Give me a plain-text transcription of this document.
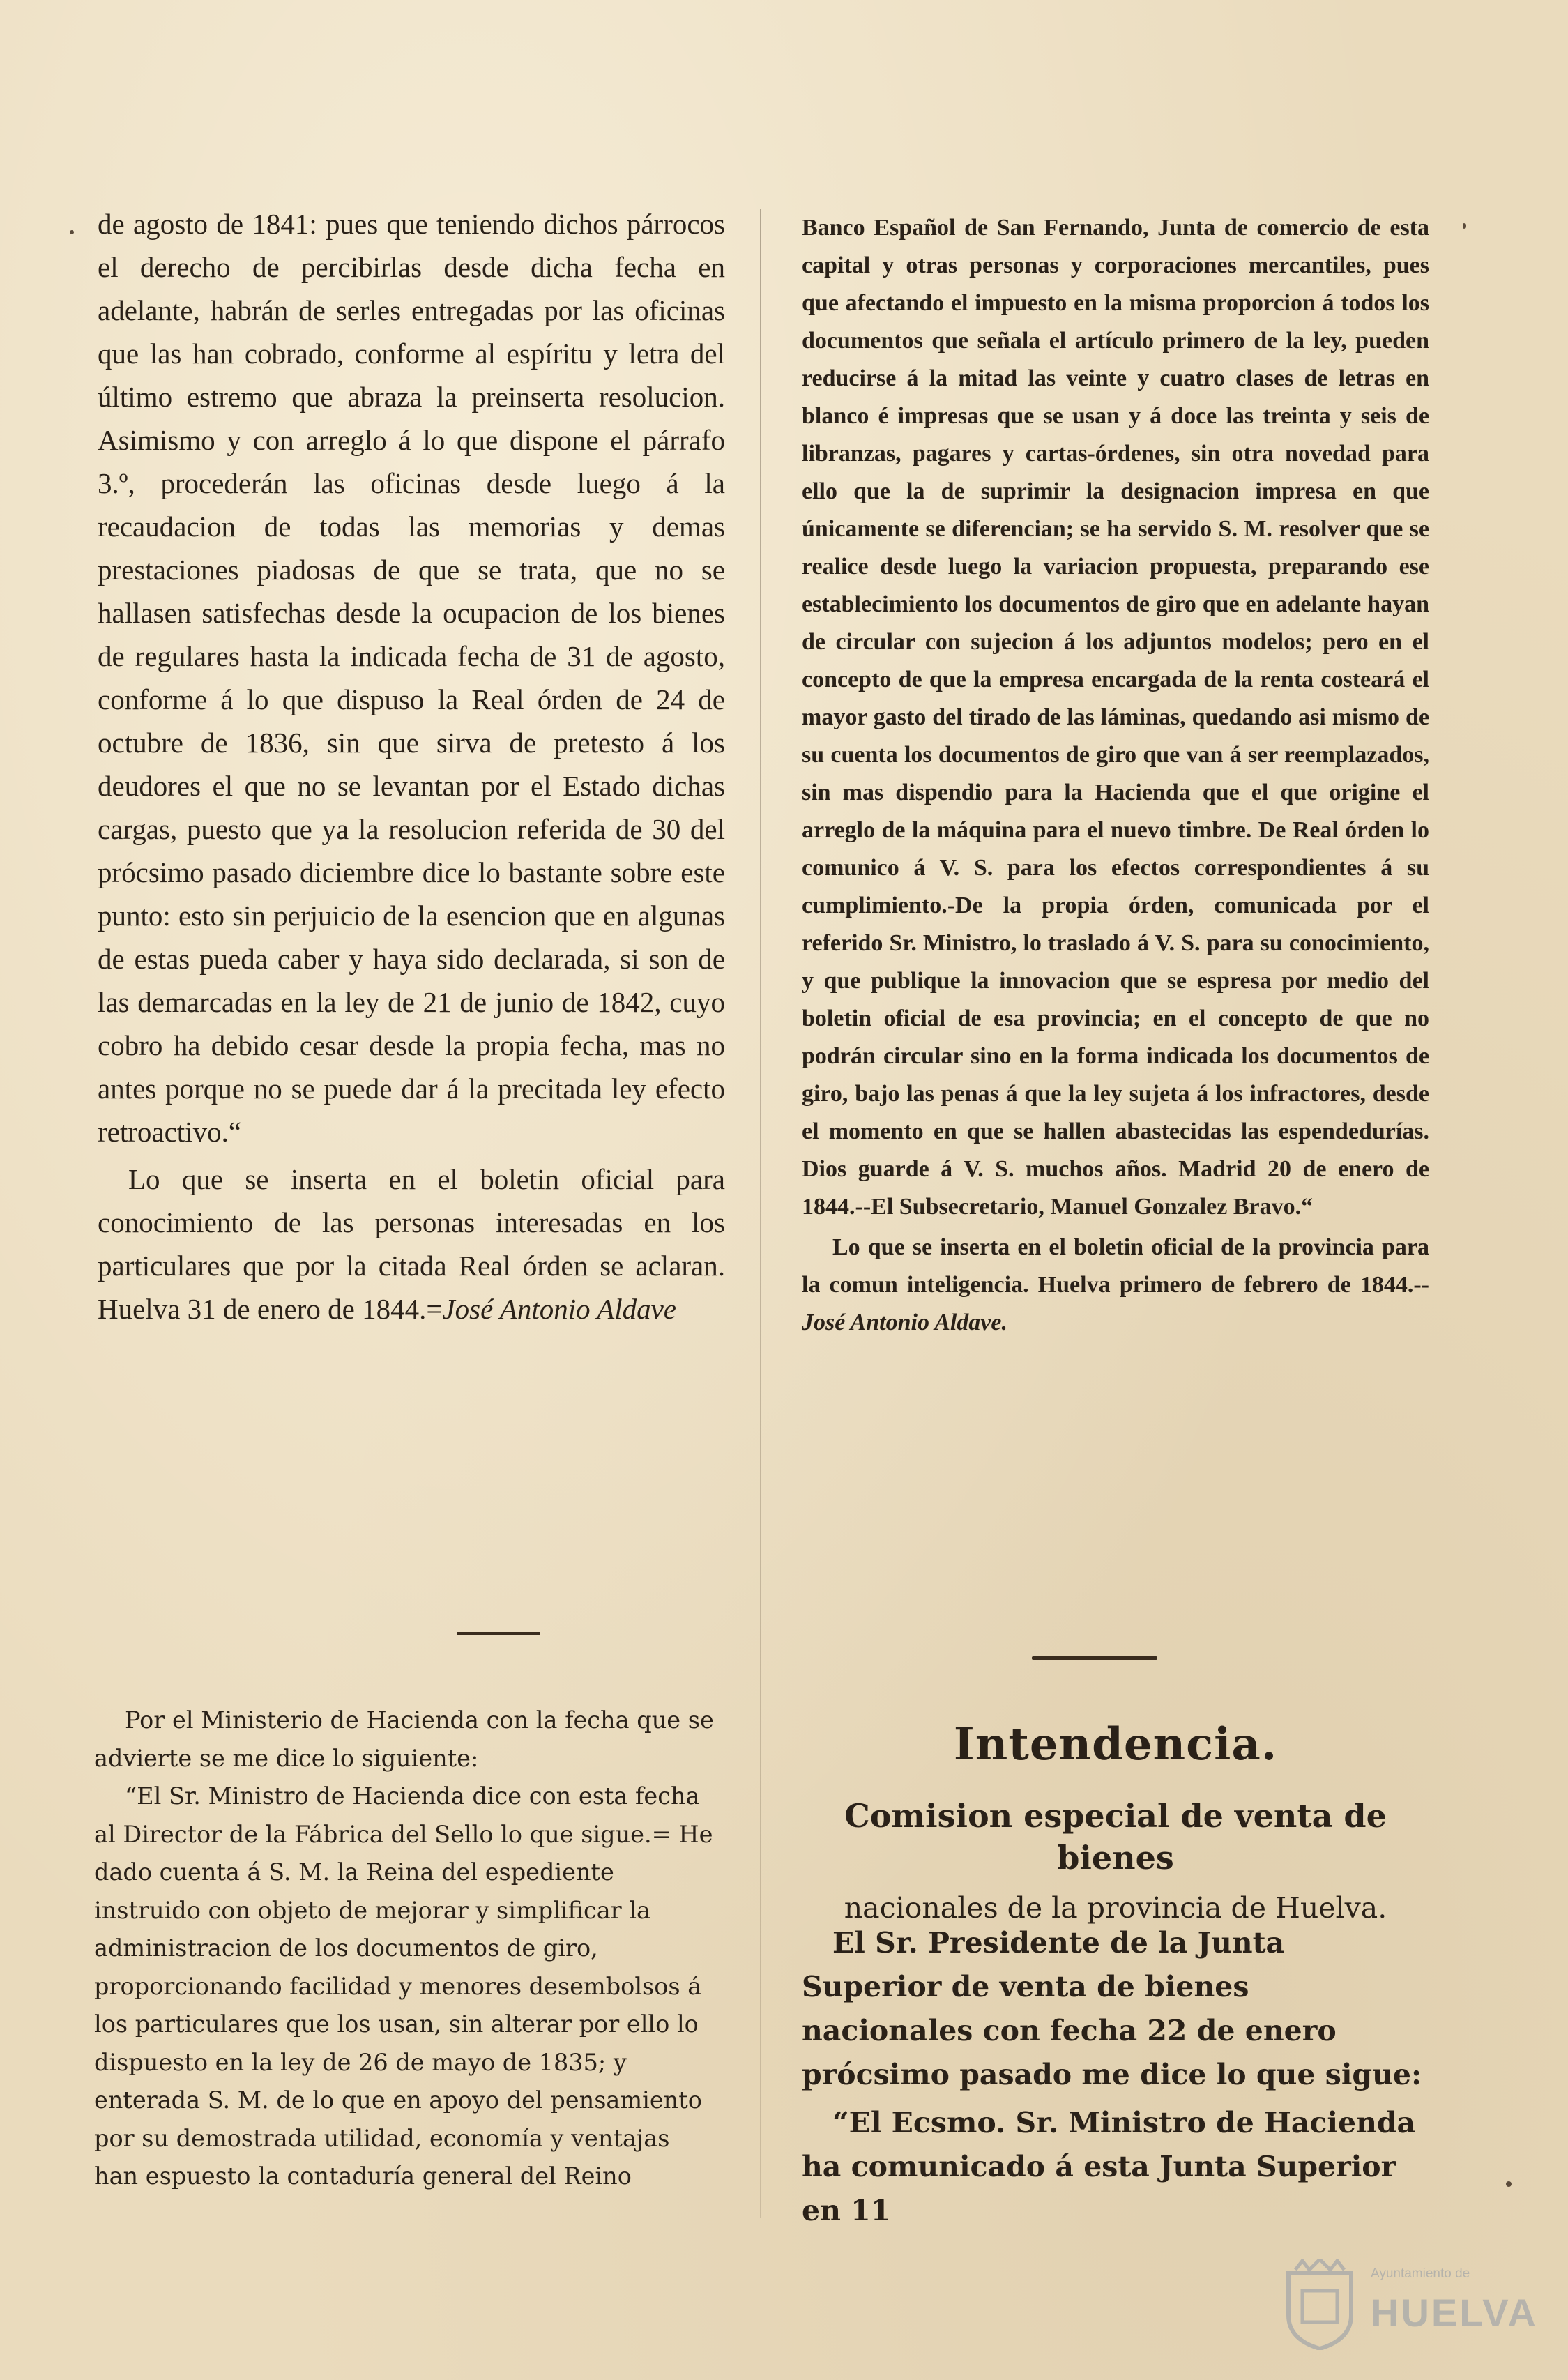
de agosto de 1841: pues que teniendo dichos párrocos el derecho de percibirlas desde dicha fecha en adelante, habrán de serles entregadas por las oficinas que las han cobrado, conforme al espíritu y letra del último estremo que abraza la preinserta resolucion. Asimismo y con arreglo á lo que dispone el párrafo 3.º, procederán las oficinas desde luego á la recaudacion de todas las memorias y demas prestaciones piadosas de que se trata, que no se hallasen satisfechas desde la ocupacion de los bienes de regulares hasta la indicada fecha de 31 de agosto, conforme á lo que dispuso la Real órden de 24 de octubre de 1836, sin que sirva de pretesto á los deudores el que no se levantan por el Estado dichas cargas, puesto que ya la resolucion referida de 30 del prócsimo pasado diciembre dice lo bastante sobre este punto: esto sin perjuicio de la esencion que en algunas de estas pueda caber y haya sido declarada, si son de las demarcadas en la ley de 21 de junio de 1842, cuyo cobro ha debido cesar desde la propia fecha, mas no antes porque no se puede dar á la precitada ley efecto retroactivo.“

Lo que se inserta en el boletin oficial para conocimiento de las personas interesadas en los particulares que por la citada Real órden se aclaran. Huelva 31 de enero de 1844.=José Antonio Aldave

Por el Ministerio de Hacienda con la fecha que se advierte se me dice lo siguiente:

“El Sr. Ministro de Hacienda dice con esta fecha al Director de la Fábrica del Sello lo que sigue.= He dado cuenta á S. M. la Reina del espediente instruido con objeto de mejorar y simplificar la administracion de los documentos de giro, proporcionando facilidad y menores desembolsos á los particulares que los usan, sin alterar por ello lo dispuesto en la ley de 26 de mayo de 1835; y enterada S. M. de lo que en apoyo del pensamiento por su demostrada utilidad, economía y ventajas han espuesto la contaduría general del Reino

Banco Español de San Fernando, Junta de comercio de esta capital y otras personas y corporaciones mercantiles, pues que afectando el impuesto en la misma proporcion á todos los documentos que señala el artículo primero de la ley, pueden reducirse á la mitad las veinte y cuatro clases de letras en blanco é impresas que se usan y á doce las treinta y seis de libranzas, pagares y cartas-órdenes, sin otra novedad para ello que la de suprimir la designacion impresa en que únicamente se diferencian; se ha servido S. M. resolver que se realice desde luego la variacion propuesta, preparando ese establecimiento los documentos de giro que en adelante hayan de circular con sujecion á los adjuntos modelos; pero en el concepto de que la empresa encargada de la renta costeará el mayor gasto del tirado de las láminas, quedando asi mismo de su cuenta los documentos de giro que van á ser reemplazados, sin mas dispendio para la Hacienda que el que origine el arreglo de la máquina para el nuevo timbre. De Real órden lo comunico á V. S. para los efectos correspondientes á su cumplimiento.-De la propia órden, comunicada por el referido Sr. Ministro, lo traslado á V. S. para su conocimiento, y que publique la innovacion que se espresa por medio del boletin oficial de esa provincia; en el concepto de que no podrán circular sino en la forma indicada los documentos de giro, bajo las penas á que la ley sujeta á los infractores, desde el momento en que se hallen abastecidas las espendedurías. Dios guarde á V. S. muchos años. Madrid 20 de enero de 1844.--El Subsecretario, Manuel Gonzalez Bravo.“

Lo que se inserta en el boletin oficial de la provincia para la comun inteligencia. Huelva primero de febrero de 1844.--José Antonio Aldave.

Intendencia.

Comision especial de venta de bienes

nacionales de la provincia de Huelva.

El Sr. Presidente de la Junta Superior de venta de bienes nacionales con fecha 22 de enero prócsimo pasado me dice lo que sigue:

“El Ecsmo. Sr. Ministro de Hacienda ha comunicado á esta Junta Superior en 11

Ayuntamiento de
HUELVA
